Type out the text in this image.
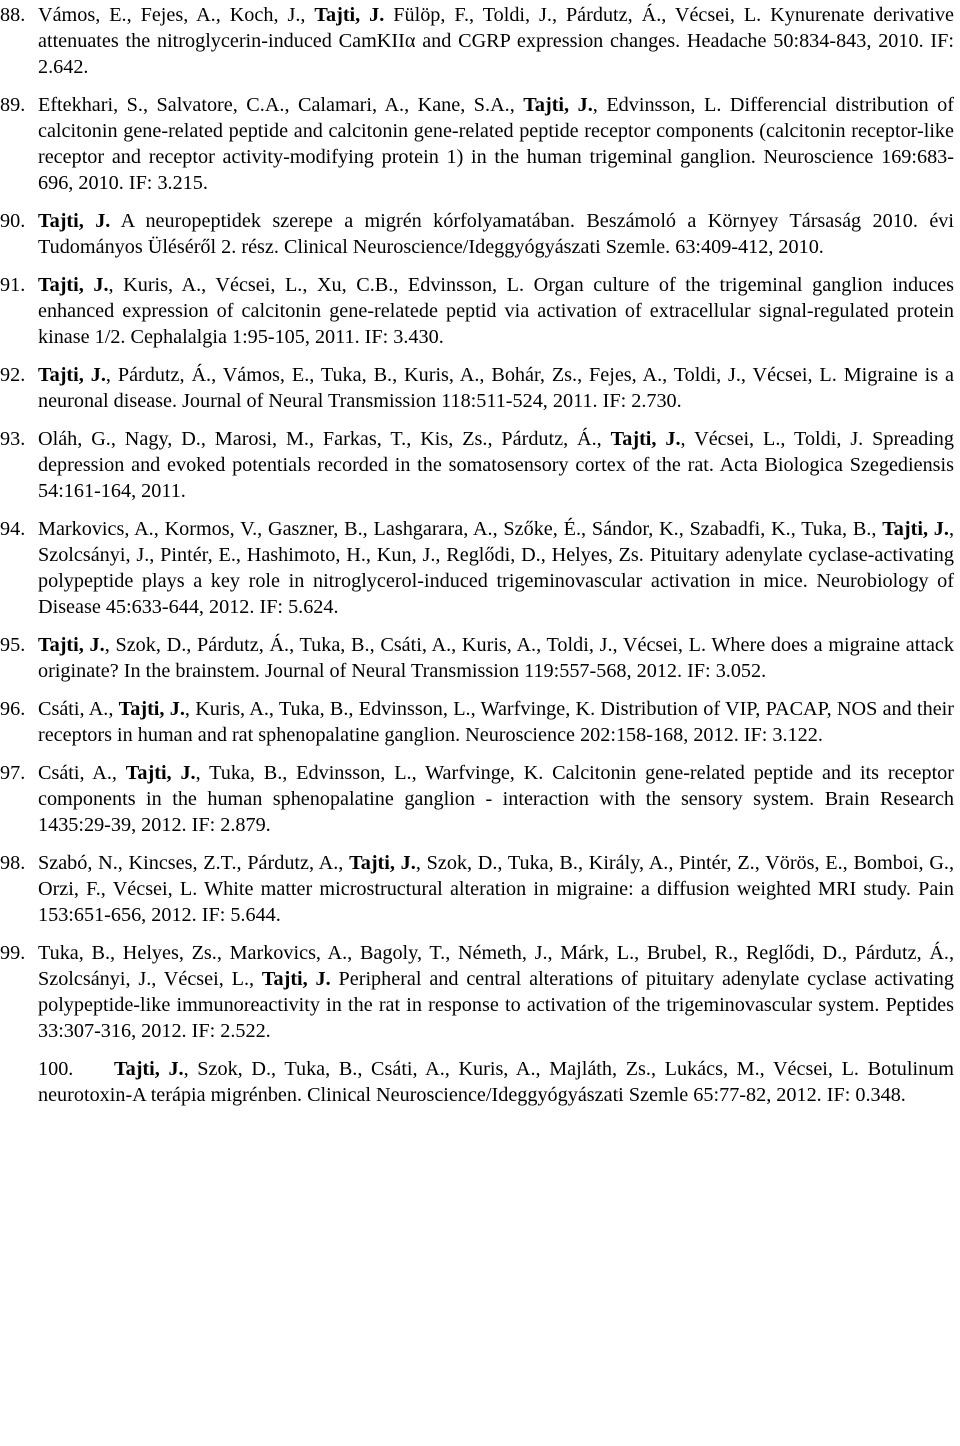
88. Vámos, E., Fejes, A., Koch, J., Tajti, J. Fülöp, F., Toldi, J., Párdutz, Á., Vécsei, L. Kynurenate derivative attenuates the nitroglycerin-induced CamKIIα and CGRP expression changes. Headache 50:834-843, 2010. IF: 2.642.
89. Eftekhari, S., Salvatore, C.A., Calamari, A., Kane, S.A., Tajti, J., Edvinsson, L. Differencial distribution of calcitonin gene-related peptide and calcitonin gene-related peptide receptor components (calcitonin receptor-like receptor and receptor activity-modifying protein 1) in the human trigeminal ganglion. Neuroscience 169:683-696, 2010. IF: 3.215.
90. Tajti, J. A neuropeptidek szerepe a migrén kórfolyamatában. Beszámoló a Környey Társaság 2010. évi Tudományos Üléséről 2. rész. Clinical Neuroscience/Ideggyógyászati Szemle. 63:409-412, 2010.
91. Tajti, J., Kuris, A., Vécsei, L., Xu, C.B., Edvinsson, L. Organ culture of the trigeminal ganglion induces enhanced expression of calcitonin gene-relatede peptid via activation of extracellular signal-regulated protein kinase 1/2. Cephalalgia 1:95-105, 2011. IF: 3.430.
92. Tajti, J., Párdutz, Á., Vámos, E., Tuka, B., Kuris, A., Bohár, Zs., Fejes, A., Toldi, J., Vécsei, L. Migraine is a neuronal disease. Journal of Neural Transmission 118:511-524, 2011. IF: 2.730.
93. Oláh, G., Nagy, D., Marosi, M., Farkas, T., Kis, Zs., Párdutz, Á., Tajti, J., Vécsei, L., Toldi, J. Spreading depression and evoked potentials recorded in the somatosensory cortex of the rat. Acta Biologica Szegediensis 54:161-164, 2011.
94. Markovics, A., Kormos, V., Gaszner, B., Lashgarara, A., Szőke, É., Sándor, K., Szabadfi, K., Tuka, B., Tajti, J., Szolcsányi, J., Pintér, E., Hashimoto, H., Kun, J., Reglődi, D., Helyes, Zs. Pituitary adenylate cyclase-activating polypeptide plays a key role in nitroglycerol-induced trigeminovascular activation in mice. Neurobiology of Disease 45:633-644, 2012. IF: 5.624.
95. Tajti, J., Szok, D., Párdutz, Á., Tuka, B., Csáti, A., Kuris, A., Toldi, J., Vécsei, L. Where does a migraine attack originate? In the brainstem. Journal of Neural Transmission 119:557-568, 2012. IF: 3.052.
96. Csáti, A., Tajti, J., Kuris, A., Tuka, B., Edvinsson, L., Warfvinge, K. Distribution of VIP, PACAP, NOS and their receptors in human and rat sphenopalatine ganglion. Neuroscience 202:158-168, 2012. IF: 3.122.
97. Csáti, A., Tajti, J., Tuka, B., Edvinsson, L., Warfvinge, K. Calcitonin gene-related peptide and its receptor components in the human sphenopalatine ganglion - interaction with the sensory system. Brain Research 1435:29-39, 2012. IF: 2.879.
98. Szabó, N., Kincses, Z.T., Párdutz, A., Tajti, J., Szok, D., Tuka, B., Király, A., Pintér, Z., Vörös, E., Bomboi, G., Orzi, F., Vécsei, L. White matter microstructural alteration in migraine: a diffusion weighted MRI study. Pain 153:651-656, 2012. IF: 5.644.
99. Tuka, B., Helyes, Zs., Markovics, A., Bagoly, T., Németh, J., Márk, L., Brubel, R., Reglődi, D., Párdutz, Á., Szolcsányi, J., Vécsei, L., Tajti, J. Peripheral and central alterations of pituitary adenylate cyclase activating polypeptide-like immunoreactivity in the rat in response to activation of the trigeminovascular system. Peptides 33:307-316, 2012. IF: 2.522.
100. Tajti, J., Szok, D., Tuka, B., Csáti, A., Kuris, A., Majláth, Zs., Lukács, M., Vécsei, L. Botulinum neurotoxin-A terápia migrénben. Clinical Neuroscience/Ideggyógyászati Szemle 65:77-82, 2012. IF: 0.348.
